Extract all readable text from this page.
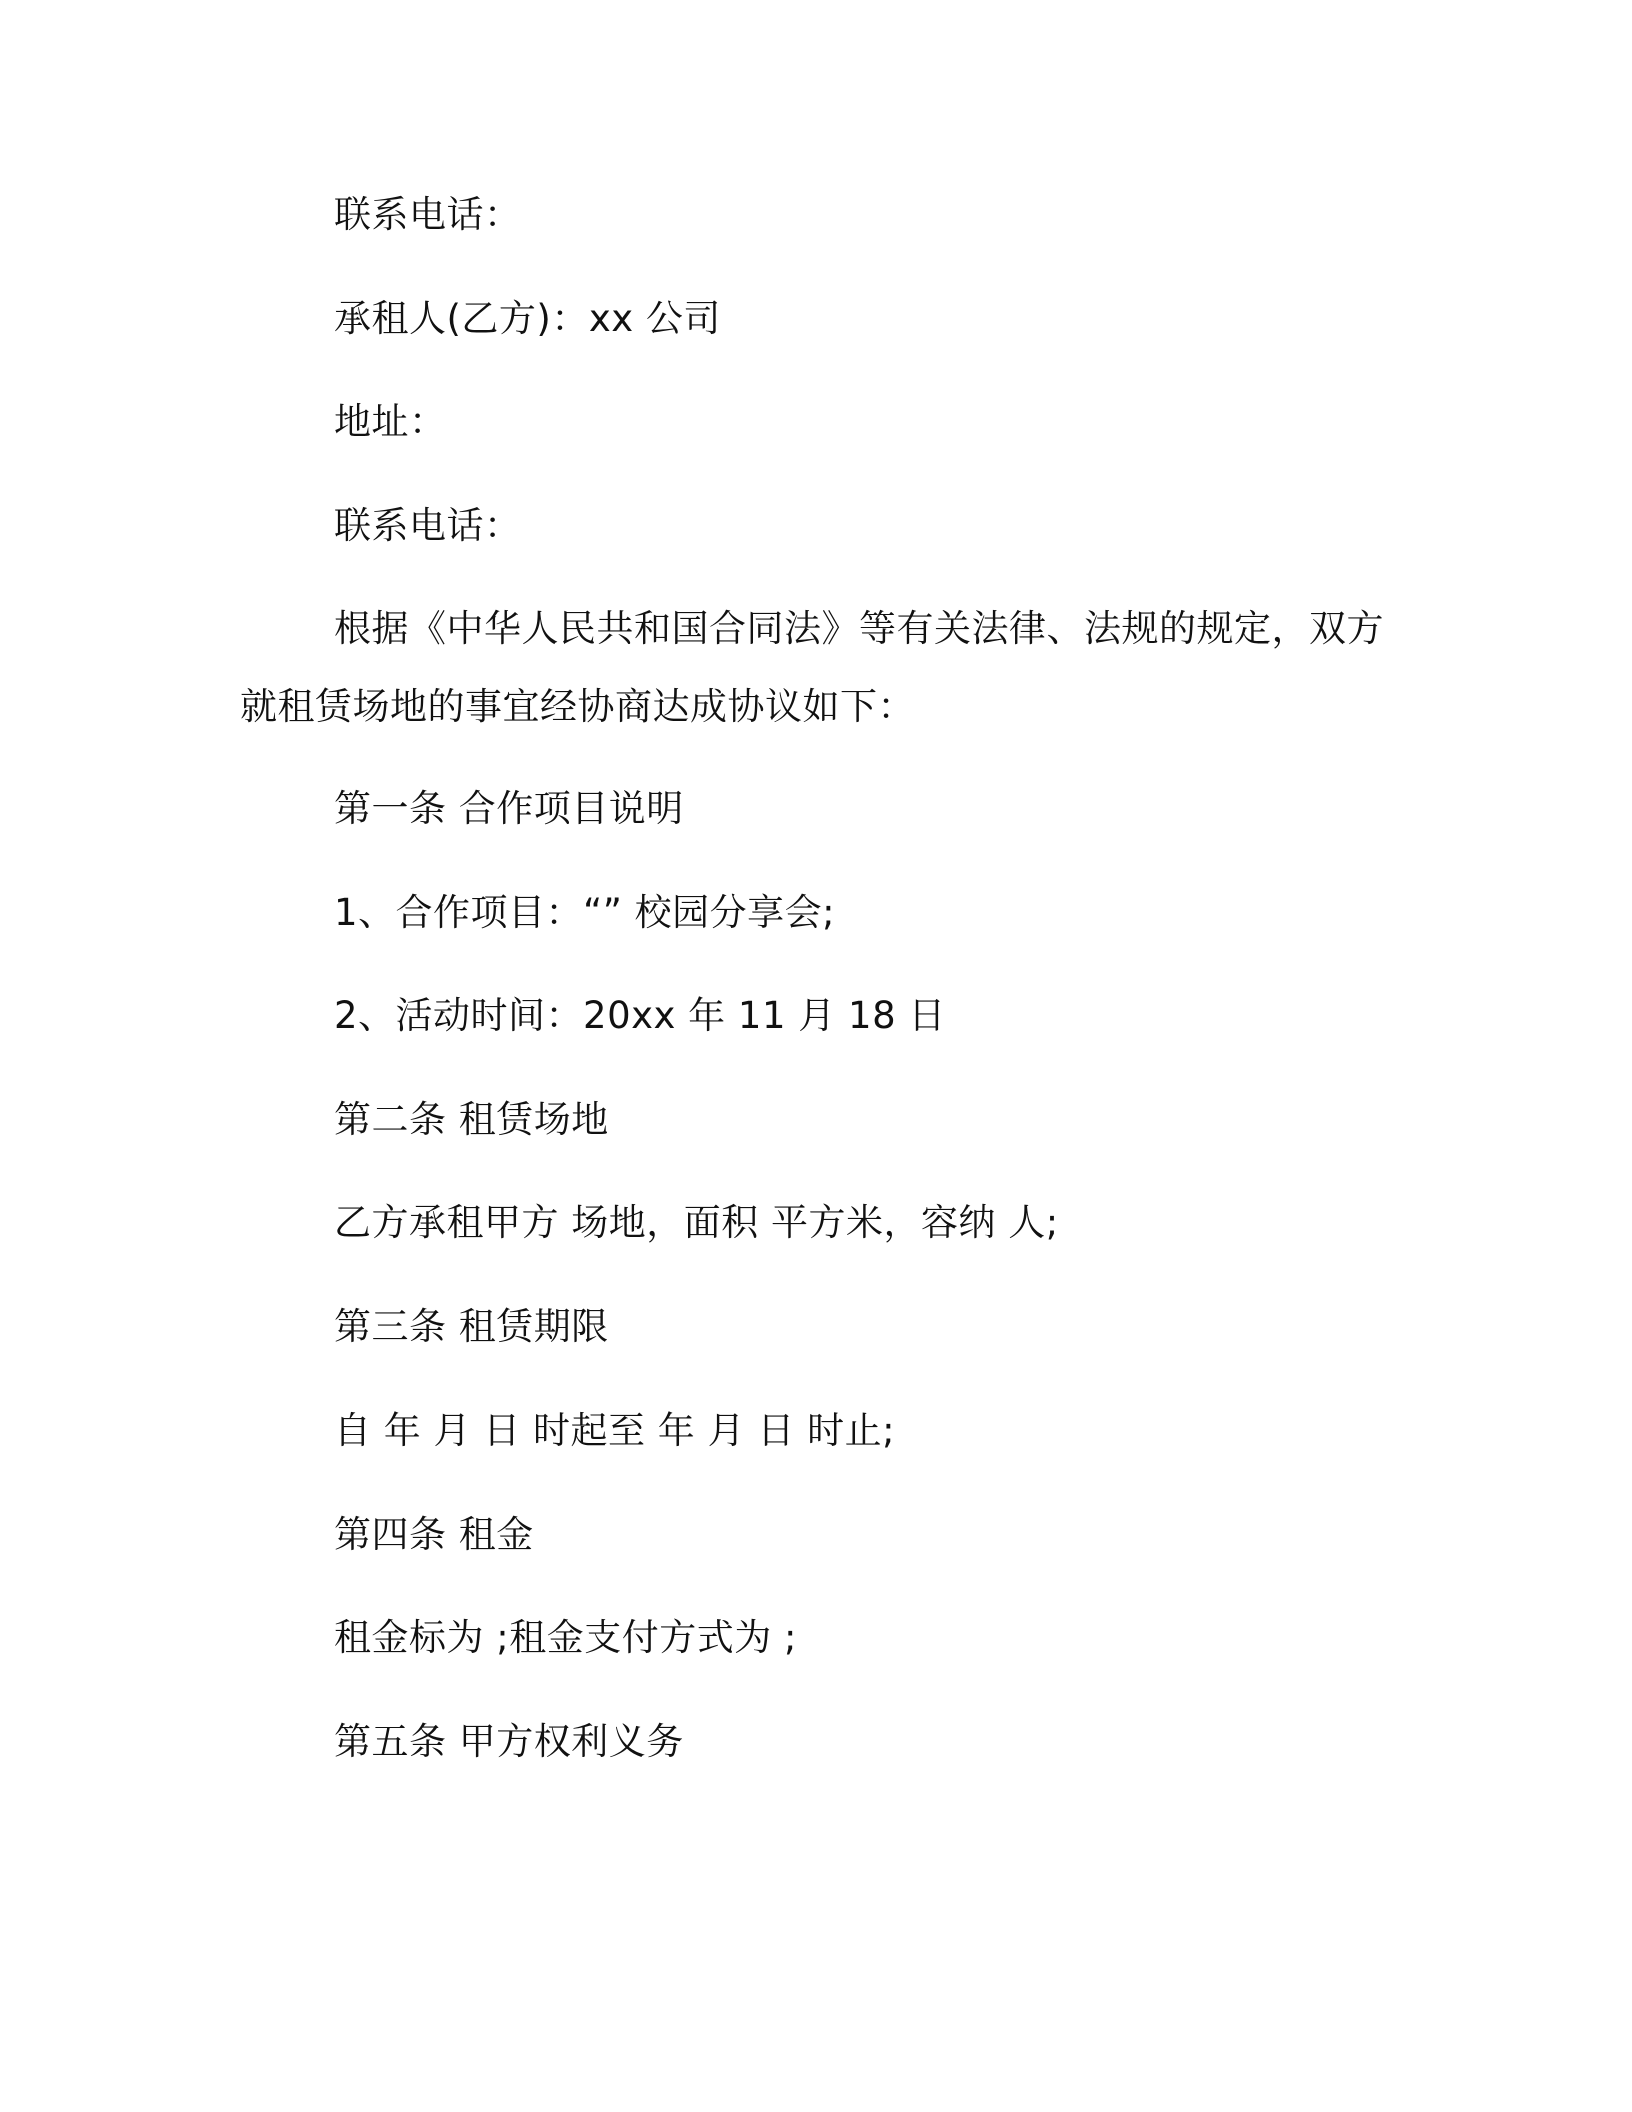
联系电话：
承租人(乙方)：xx 公司
地址：
联系电话：
根据《中华人民共和国合同法》等有关法律、法规的规定，双方
就租赁场地的事宜经协商达成协议如下：
第一条 合作项目说明
1、合作项目：“” 校园分享会;
2、活动时间：20xx 年 11 月 18 日
第二条 租赁场地
乙方承租甲方 场地，面积 平方米，容纳 人;
第三条 租赁期限
自 年 月 日 时起至 年 月 日 时止;
第四条 租金
租金标为 ;租金支付方式为 ;
第五条 甲方权利义务
